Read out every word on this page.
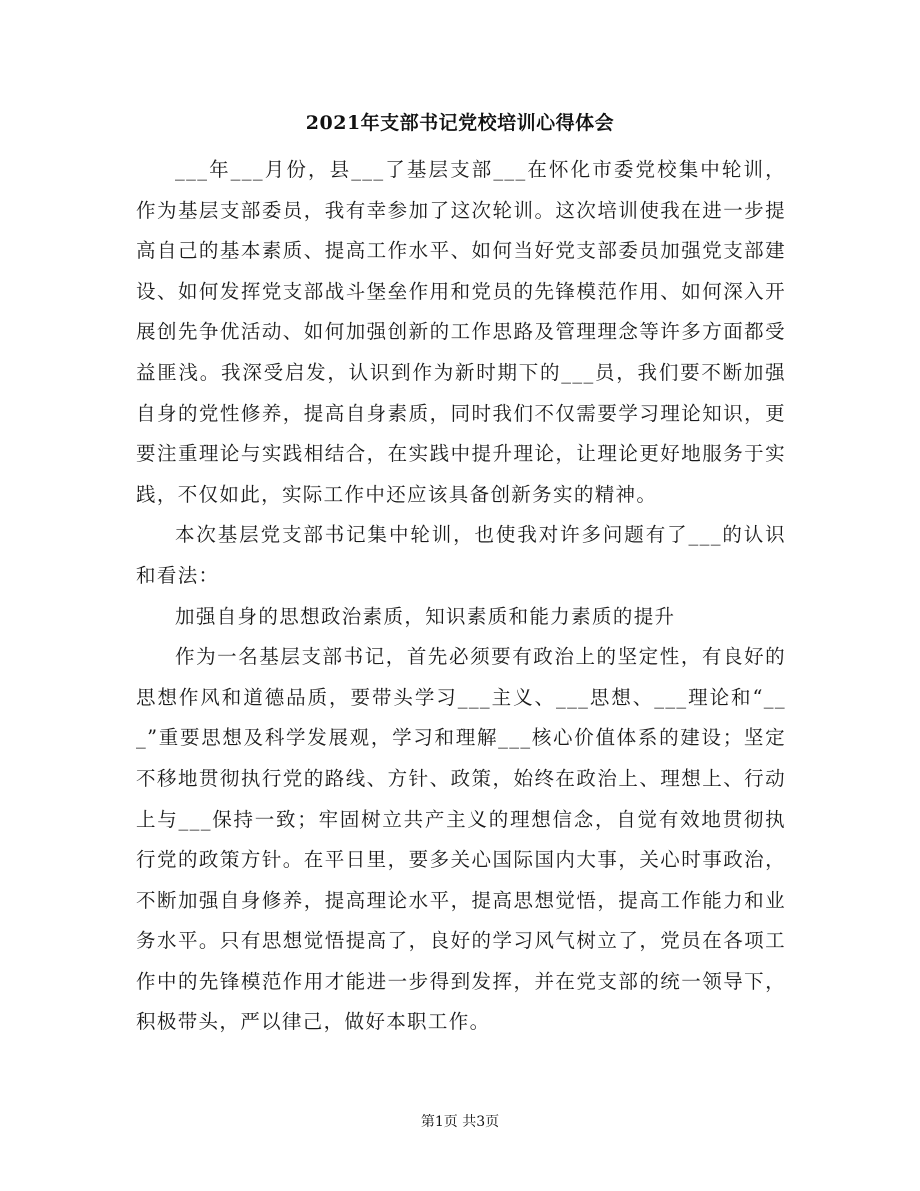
2021年支部书记党校培训心得体会

___年___月份，县___了基层支部___在怀化市委党校集中轮训，作为基层支部委员，我有幸参加了这次轮训。这次培训使我在进一步提高自己的基本素质、提高工作水平、如何当好党支部委员加强党支部建设、如何发挥党支部战斗堡垒作用和党员的先锋模范作用、如何深入开展创先争优活动、如何加强创新的工作思路及管理理念等许多方面都受益匪浅。我深受启发，认识到作为新时期下的___员，我们要不断加强自身的党性修养，提高自身素质，同时我们不仅需要学习理论知识，更要注重理论与实践相结合，在实践中提升理论，让理论更好地服务于实践，不仅如此，实际工作中还应该具备创新务实的精神。

本次基层党支部书记集中轮训，也使我对许多问题有了___的认识和看法：

加强自身的思想政治素质，知识素质和能力素质的提升

作为一名基层支部书记，首先必须要有政治上的坚定性，有良好的思想作风和道德品质，要带头学习___主义、___思想、___理论和“___”重要思想及科学发展观，学习和理解___核心价值体系的建设；坚定不移地贯彻执行党的路线、方针、政策，始终在政治上、理想上、行动上与___保持一致；牢固树立共产主义的理想信念，自觉有效地贯彻执行党的政策方针。在平日里，要多关心国际国内大事，关心时事政治，不断加强自身修养，提高理论水平，提高思想觉悟，提高工作能力和业务水平。只有思想觉悟提高了，良好的学习风气树立了，党员在各项工作中的先锋模范作用才能进一步得到发挥，并在党支部的统一领导下，积极带头，严以律己，做好本职工作。

第1页 共3页
